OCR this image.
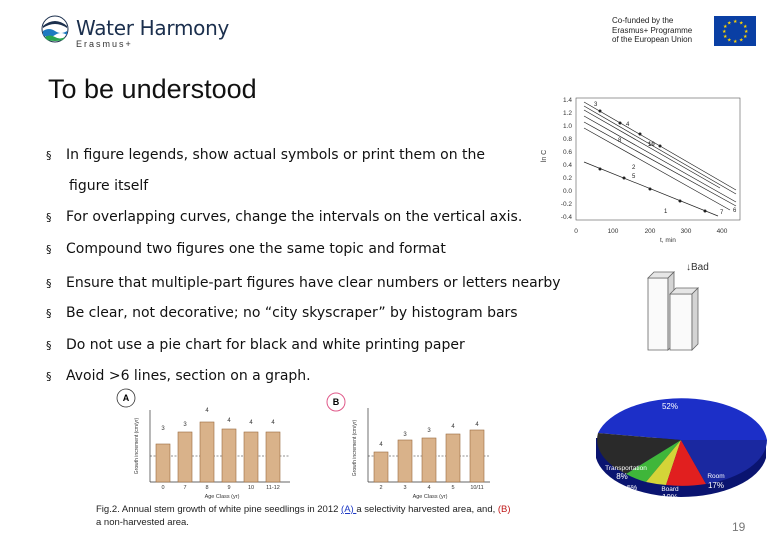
Water Harmony
Erasmus+
Co-funded by the
Erasmus+ Programme
of the European Union
★ ★
★
★
★
★
★
★
★
★
★
★
To be understood
§ In figure legends, show actual symbols or print them on the
§ For overlapping curves, change the intervals on the vertical axis.
§ Compound two figures one the same topic and format
§ Ensure that multiple-part figures have clear numbers or letters nearby
§ Be clear, not decorative; no “city skyscraper” by histogram bars
§ Do not use a pie chart for black and white printing paper
§ Avoid >6 lines, section on a graph.
figure itself
1.4
1.2
1.0
0.8
0.6
0.4
0.2
0.0
-0.2
-0.4
ln C
0	100	200	300	400
t, min
3
4
10
8
2
5
1	7 6
↓Bad
Tuition & Fees
52%
Transportation
8%
5%	Board
10%
Room
17%
A
Growth increment (cm/yr)	3
3
4
4	4	4
0	7	8	9	10 11-12
Age Class (yr)
B
Growth increment (cm/yr)	4
3
3
4	4
2	3	4	5	10/11
Age Class (yr)
Fig.2. Annual stem growth of white pine seedlings in 2012 (A) a selectivity harvested area, and, (B) a non-harvested area.	19
